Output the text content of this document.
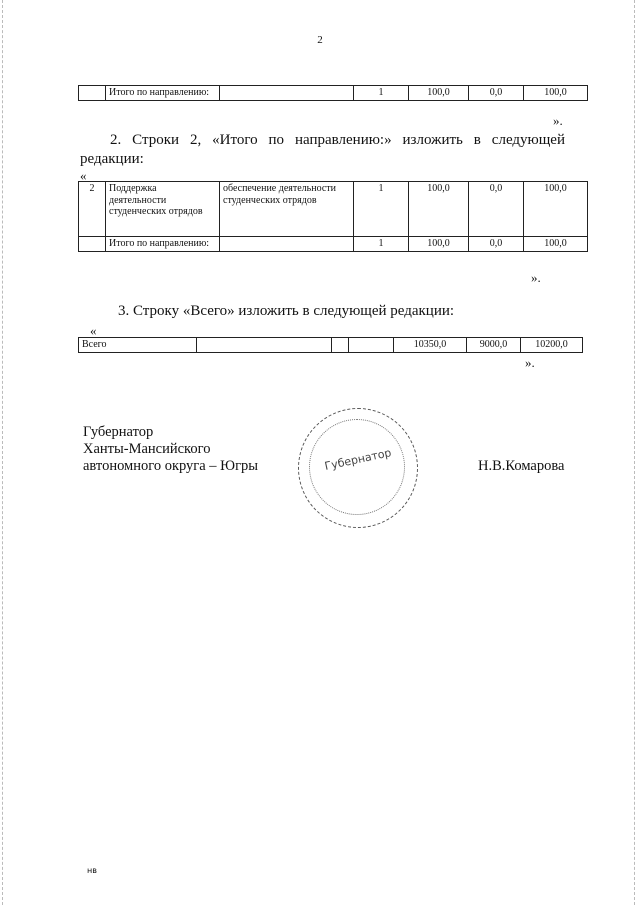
2
	Итого по направлению:		1	100,0	0,0	100,0
».
2. Строки 2, «Итого по направлению:» изложить в следующей
редакции:
«
2	Поддержка деятельности студенческих отрядов	обеспечение деятельности студенческих отрядов	1	100,0	0,0	100,0
	Итого по направлению:		1	100,0	0,0	100,0
».
3. Строку «Всего» изложить в следующей редакции:
«
Всего				10350,0	9000,0	10200,0
».
Губернатор
Ханты-Мансийского
автономного округа – Югры	Н.В.Комарова
Губернатор
нв
